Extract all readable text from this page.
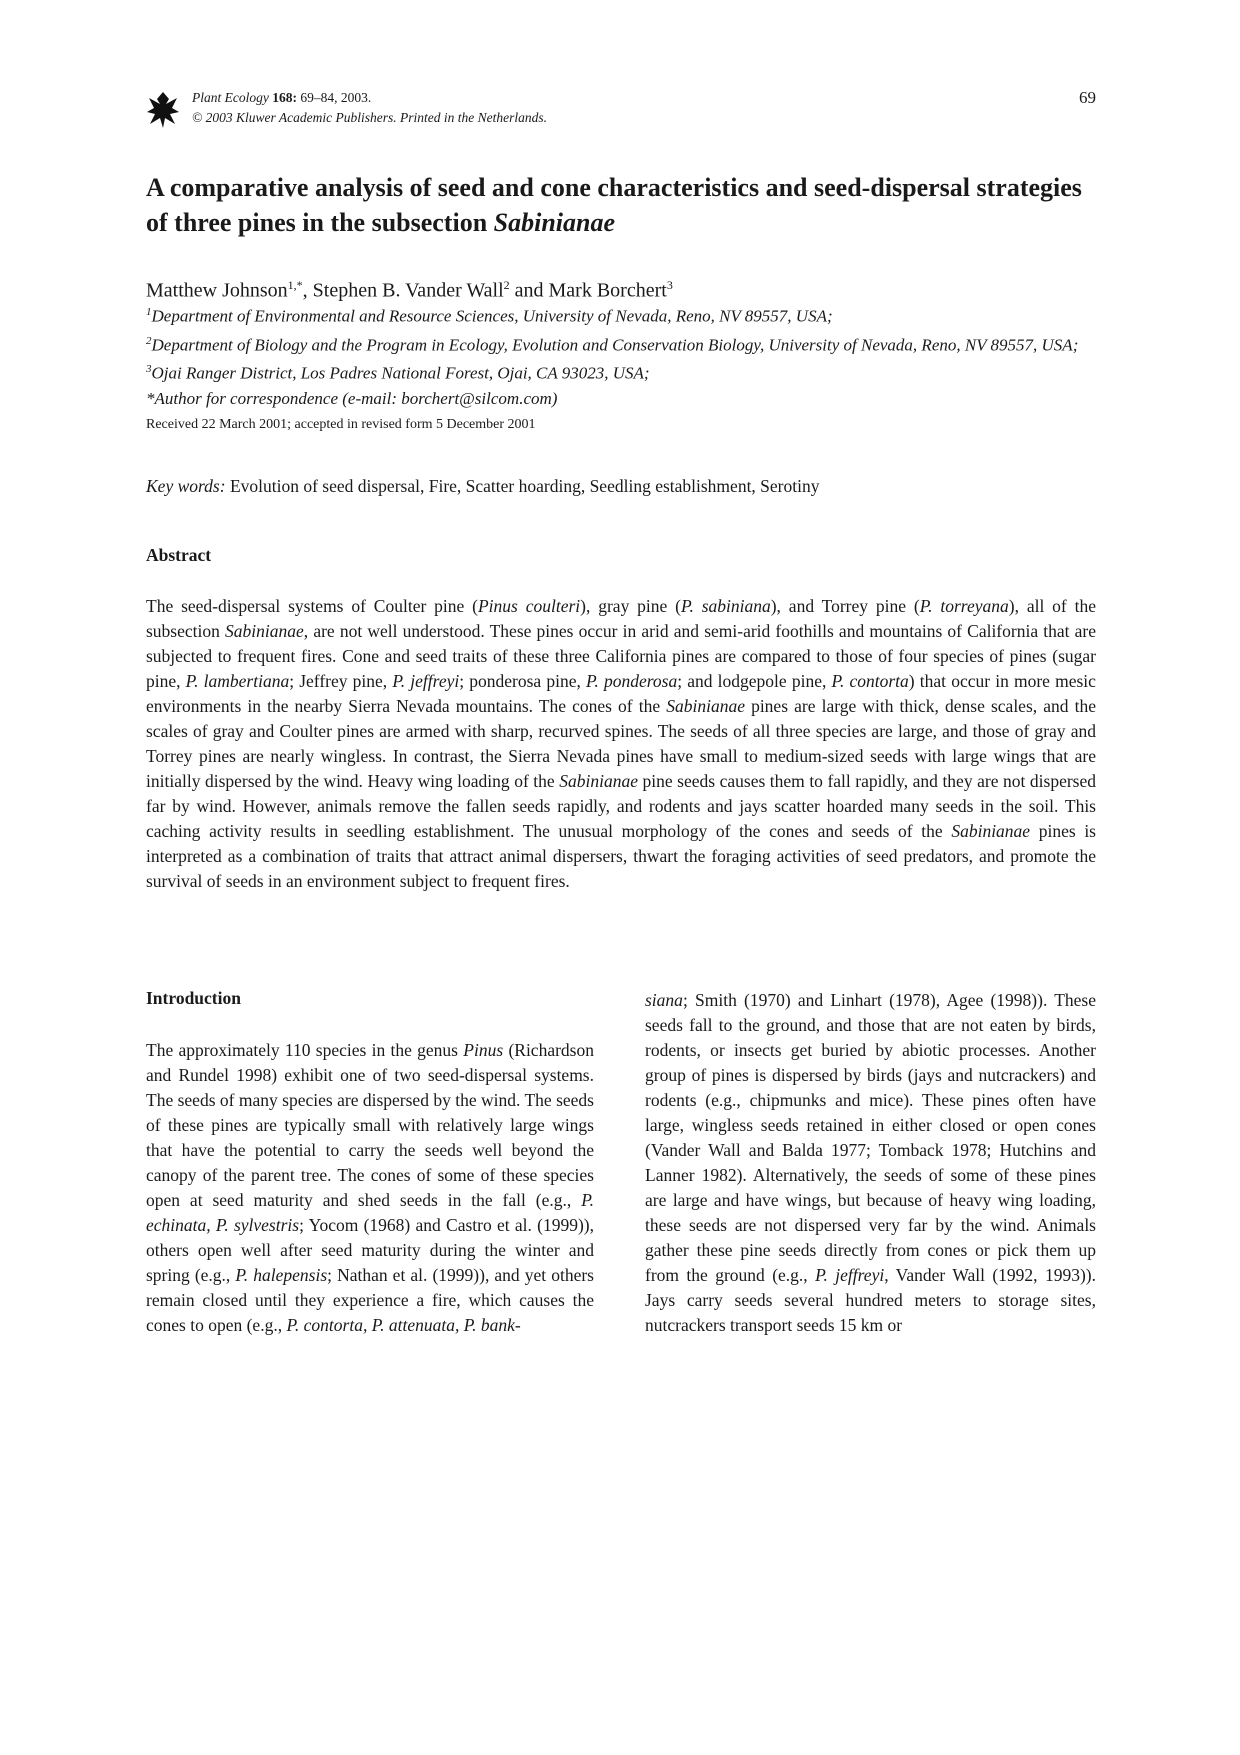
Plant Ecology 168: 69–84, 2003.
© 2003 Kluwer Academic Publishers. Printed in the Netherlands.
69
A comparative analysis of seed and cone characteristics and seed-dispersal strategies of three pines in the subsection Sabinianae
Matthew Johnson$^{1,*}$, Stephen B. Vander Wall$^2$ and Mark Borchert$^3$
$^1$Department of Environmental and Resource Sciences, University of Nevada, Reno, NV 89557, USA;
$^2$Department of Biology and the Program in Ecology, Evolution and Conservation Biology, University of Nevada, Reno, NV 89557, USA; $^3$Ojai Ranger District, Los Padres National Forest, Ojai, CA 93023, USA;
*Author for correspondence (e-mail: borchert@silcom.com)
Received 22 March 2001; accepted in revised form 5 December 2001
Key words: Evolution of seed dispersal, Fire, Scatter hoarding, Seedling establishment, Serotiny
Abstract

The seed-dispersal systems of Coulter pine (Pinus coulteri), gray pine (P. sabiniana), and Torrey pine (P. torreyana), all of the subsection Sabinianae, are not well understood. These pines occur in arid and semi-arid foothills and mountains of California that are subjected to frequent fires. Cone and seed traits of these three California pines are compared to those of four species of pines (sugar pine, P. lambertiana; Jeffrey pine, P. jeffreyi; ponderosa pine, P. ponderosa; and lodgepole pine, P. contorta) that occur in more mesic environments in the nearby Sierra Nevada mountains. The cones of the Sabinianae pines are large with thick, dense scales, and the scales of gray and Coulter pines are armed with sharp, recurved spines. The seeds of all three species are large, and those of gray and Torrey pines are nearly wingless. In contrast, the Sierra Nevada pines have small to medium-sized seeds with large wings that are initially dispersed by the wind. Heavy wing loading of the Sabinianae pine seeds causes them to fall rapidly, and they are not dispersed far by wind. However, animals remove the fallen seeds rapidly, and rodents and jays scatter hoarded many seeds in the soil. This caching activity results in seedling establishment. The unusual morphology of the cones and seeds of the Sabinianae pines is interpreted as a combination of traits that attract animal dispersers, thwart the foraging activities of seed predators, and promote the survival of seeds in an environment subject to frequent fires.

Introduction

The approximately 110 species in the genus Pinus (Richardson and Rundel 1998) exhibit one of two seed-dispersal systems. The seeds of many species are dispersed by the wind. The seeds of these pines are typically small with relatively large wings that have the potential to carry the seeds well beyond the canopy of the parent tree. The cones of some of these species open at seed maturity and shed seeds in the fall (e.g., P. echinata, P. sylvestris; Yocom (1968) and Castro et al. (1999)), others open well after seed maturity during the winter and spring (e.g., P. halepensis; Nathan et al. (1999)), and yet others remain closed until they experience a fire, which causes the cones to open (e.g., P. contorta, P. attenuata, P. bank-

siana; Smith (1970) and Linhart (1978), Agee (1998)). These seeds fall to the ground, and those that are not eaten by birds, rodents, or insects get buried by abiotic processes. Another group of pines is dispersed by birds (jays and nutcrackers) and rodents (e.g., chipmunks and mice). These pines often have large, wingless seeds retained in either closed or open cones (Vander Wall and Balda 1977; Tomback 1978; Hutchins and Lanner 1982). Alternatively, the seeds of some of these pines are large and have wings, but because of heavy wing loading, these seeds are not dispersed very far by the wind. Animals gather these pine seeds directly from cones or pick them up from the ground (e.g., P. jeffreyi, Vander Wall (1992, 1993)). Jays carry seeds several hundred meters to storage sites, nutcrackers transport seeds 15 km or
